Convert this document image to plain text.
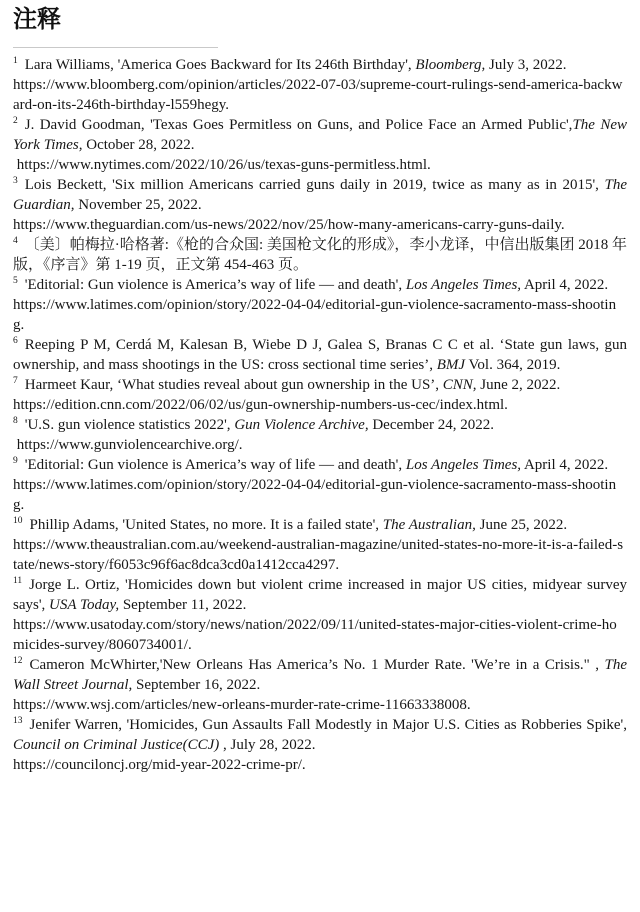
注释

$^1$ Lara Williams, 'America Goes Backward for Its 246th Birthday', Bloomberg, July 3, 2022.
https://www.bloomberg.com/opinion/articles/2022-07-03/supreme-court-rulings-send-america-backward-on-its-246th-birthday-l559hegy.

$^2$ J. David Goodman, 'Texas Goes Permitless on Guns, and Police Face an Armed Public',The New York Times, October 28, 2022.
https://www.nytimes.com/2022/10/26/us/texas-guns-permitless.html.

$^3$ Lois Beckett, 'Six million Americans carried guns daily in 2019, twice as many as in 2015', The Guardian, November 25, 2022.
https://www.theguardian.com/us-news/2022/nov/25/how-many-americans-carry-guns-daily.

$^4$ 〔美〕帕梅拉·哈格著:《枪的合众国: 美国枪文化的形成》，李小龙译，中信出版集团 2018 年版，《序言》第 1-19 页，正文第 454-463 页。

$^5$ 'Editorial: Gun violence is America’s way of life — and death', Los Angeles Times, April 4, 2022.
https://www.latimes.com/opinion/story/2022-04-04/editorial-gun-violence-sacramento-mass-shooting.

$^6$ Reeping P M, Cerdá M, Kalesan B, Wiebe D J, Galea S, Branas C C et al. ‘State gun laws, gun ownership, and mass shootings in the US: cross sectional time series’, BMJ Vol. 364, 2019.

$^7$ Harmeet Kaur, ‘What studies reveal about gun ownership in the US’, CNN, June 2, 2022.
https://edition.cnn.com/2022/06/02/us/gun-ownership-numbers-us-cec/index.html.

$^8$ 'U.S. gun violence statistics 2022', Gun Violence Archive, December 24, 2022.
https://www.gunviolencearchive.org/.

$^9$ 'Editorial: Gun violence is America’s way of life — and death', Los Angeles Times, April 4, 2022.
https://www.latimes.com/opinion/story/2022-04-04/editorial-gun-violence-sacramento-mass-shooting.

$^{10}$ Phillip Adams, 'United States, no more. It is a failed state', The Australian, June 25, 2022.
https://www.theaustralian.com.au/weekend-australian-magazine/united-states-no-more-it-is-a-failed-state/news-story/f6053c96f6ac8dca3cd0a1412cca4297.

$^{11}$ Jorge L. Ortiz, 'Homicides down but violent crime increased in major US cities, midyear survey says', USA Today, September 11, 2022.
https://www.usatoday.com/story/news/nation/2022/09/11/united-states-major-cities-violent-crime-homicides-survey/8060734001/.

$^{12}$ Cameron McWhirter,'New Orleans Has America’s No. 1 Murder Rate. 'We’re in a Crisis." , The Wall Street Journal, September 16, 2022.
https://www.wsj.com/articles/new-orleans-murder-rate-crime-11663338008.

$^{13}$ Jenifer Warren, 'Homicides, Gun Assaults Fall Modestly in Major U.S. Cities as Robberies Spike', Council on Criminal Justice(CCJ) , July 28, 2022.
https://counciloncj.org/mid-year-2022-crime-pr/.
